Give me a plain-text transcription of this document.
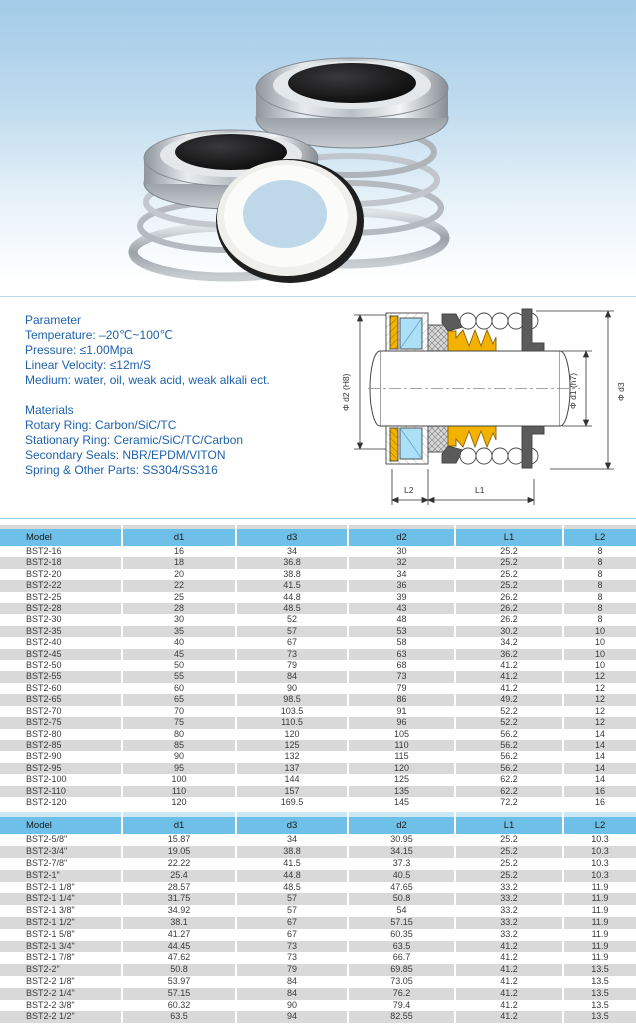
Parameter
Temperature: –20℃~100℃
Pressure: ≤1.00Mpa
Linear Velocity: ≤12m/S
Medium: water, oil, weak acid, weak alkali ect.
Materials
Rotary Ring: Carbon/SiC/TC
Stationary Ring: Ceramic/SiC/TC/Carbon
Secondary Seals: NBR/EPDM/VITON
Spring & Other Parts: SS304/SS316
Φ d2 (H8)	Φ d1 (h7)	Φ d3
L2	L1

Model	d1	d3	d2	L1	L2
BST2-16	16	34	30	25.2	8
BST2-18	18	36.8	32	25.2	8
BST2-20	20	38.8	34	25.2	8
BST2-22	22	41.5	36	25.2	8
BST2-25	25	44.8	39	26.2	8
BST2-28	28	48.5	43	26.2	8
BST2-30	30	52	48	26.2	8
BST2-35	35	57	53	30.2	10
BST2-40	40	67	58	34.2	10
BST2-45	45	73	63	36.2	10
BST2-50	50	79	68	41.2	10
BST2-55	55	84	73	41.2	12
BST2-60	60	90	79	41.2	12
BST2-65	65	98.5	86	49.2	12
BST2-70	70	103.5	91	52.2	12
BST2-75	75	110.5	96	52.2	12
BST2-80	80	120	105	56.2	14
BST2-85	85	125	110	56.2	14
BST2-90	90	132	115	56.2	14
BST2-95	95	137	120	56.2	14
BST2-100	100	144	125	62.2	14
BST2-110	110	157	135	62.2	16
BST2-120	120	169.5	145	72.2	16

Model	d1	d3	d2	L1	L2
BST2-5/8"	15.87	34	30.95	25.2	10.3
BST2-3/4"	19.05	38.8	34.15	25.2	10.3
BST2-7/8"	22.22	41.5	37.3	25.2	10.3
BST2-1"	25.4	44.8	40.5	25.2	10.3
BST2-1 1/8"	28.57	48.5	47.65	33.2	11.9
BST2-1 1/4"	31.75	57	50.8	33.2	11.9
BST2-1 3/8"	34.92	57	54	33.2	11.9
BST2-1 1/2"	38.1	67	57.15	33.2	11.9
BST2-1 5/8"	41.27	67	60.35	33.2	11.9
BST2-1 3/4"	44.45	73	63.5	41.2	11.9
BST2-1 7/8"	47.62	73	66.7	41.2	11.9
BST2-2"	50.8	79	69.85	41.2	13.5
BST2-2 1/8"	53.97	84	73.05	41.2	13.5
BST2-2 1/4"	57.15	84	76.2	41.2	13.5
BST2-2 3/8"	60.32	90	79.4	41.2	13.5
BST2-2 1/2"	63.5	94	82.55	41.2	13.5
